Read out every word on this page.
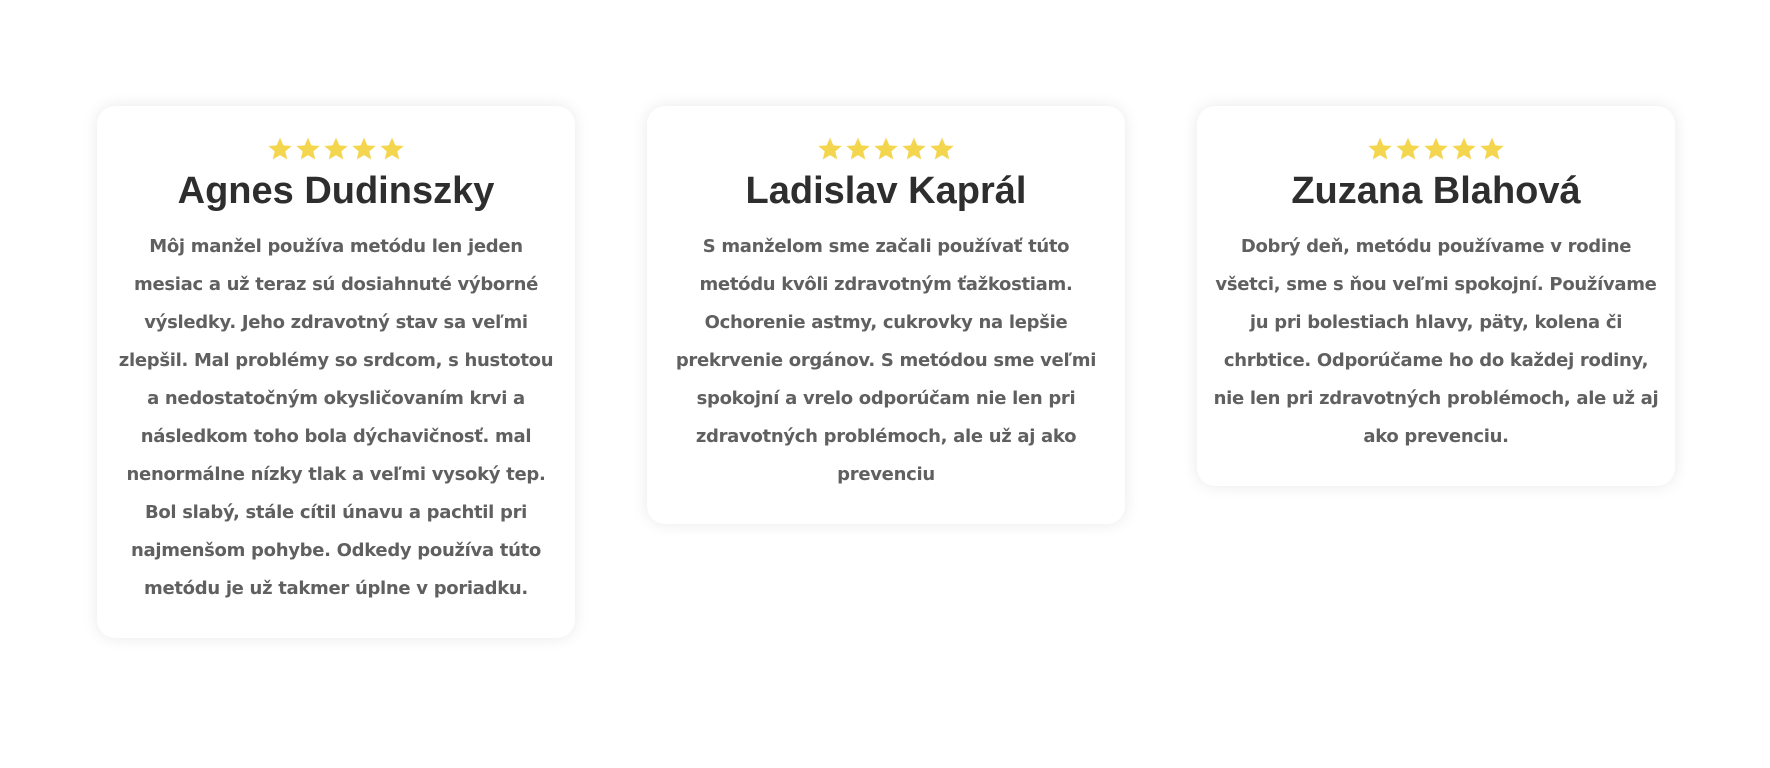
Agnes Dudinszky

Môj manžel používa metódu len jeden mesiac a už teraz sú dosiahnuté výborné výsledky. Jeho zdravotný stav sa veľmi zlepšil. Mal problémy so srdcom, s hustotou a nedostatočným okysličovaním krvi a následkom toho bola dýchavičnosť. mal nenormálne nízky tlak a veľmi vysoký tep. Bol slabý, stále cítil únavu a pachtil pri najmenšom pohybe. Odkedy používa túto metódu je už takmer úplne v poriadku.

Ladislav Kaprál

S manželom sme začali používať túto metódu kvôli zdravotným ťažkostiam. Ochorenie astmy, cukrovky na lepšie prekrvenie orgánov. S metódou sme veľmi spokojní a vrelo odporúčam nie len pri zdravotných problémoch, ale už aj ako prevenciu

Zuzana Blahová

Dobrý deň, metódu používame v rodine všetci, sme s ňou veľmi spokojní. Používame ju pri bolestiach hlavy, päty, kolena či chrbtice. Odporúčame ho do každej rodiny, nie len pri zdravotných problémoch, ale už aj ako prevenciu.
